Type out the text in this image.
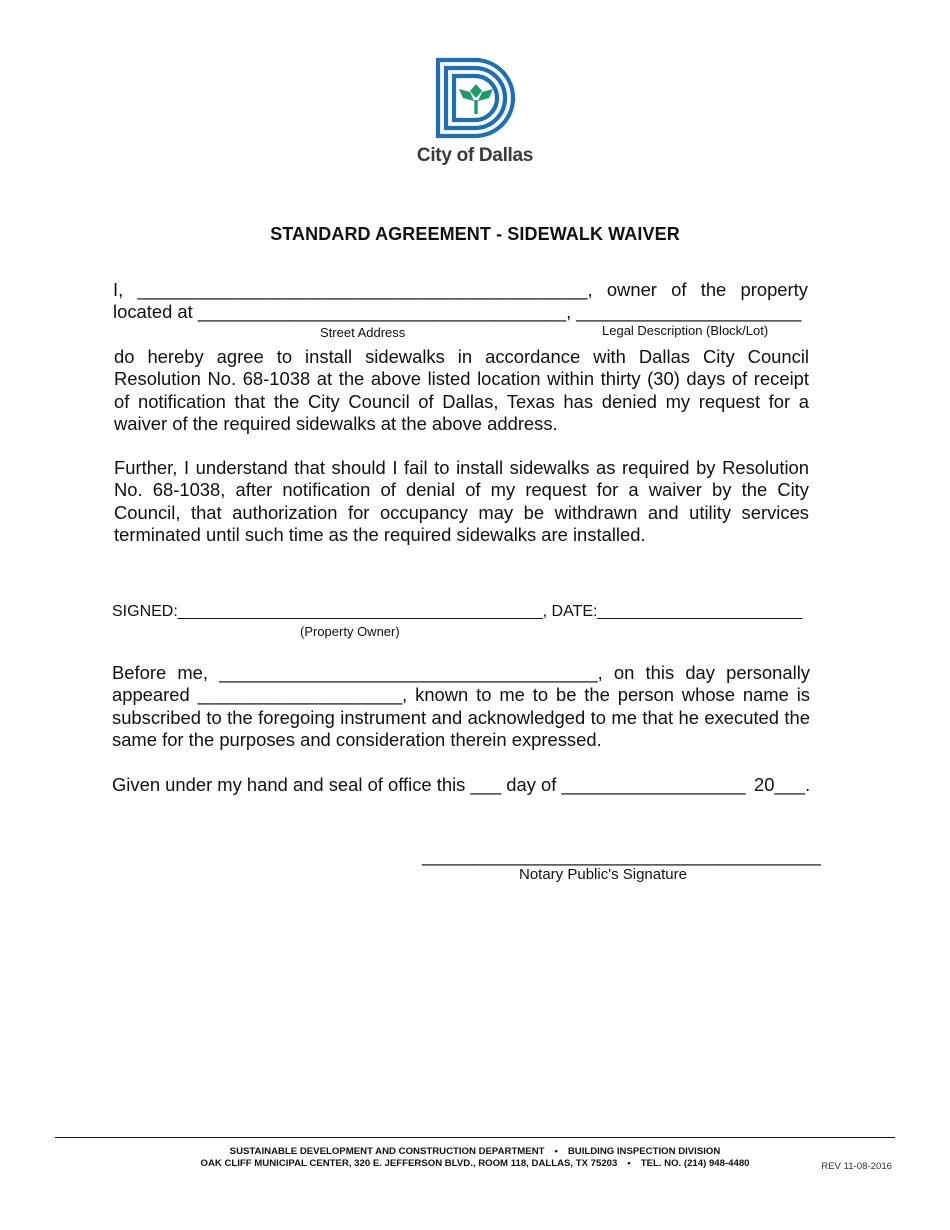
City of Dallas
STANDARD AGREEMENT - SIDEWALK WAIVER
I, ____________________________________________, owner of the property
located at ____________________________________, ______________________
Street Address	Legal Description (Block/Lot)
do hereby agree to install sidewalks in accordance with Dallas City Council Resolution No. 68-1038 at the above listed location within thirty (30) days of receipt of notification that the City Council of Dallas, Texas has denied my request for a waiver of the required sidewalks at the above address.
Further, I understand that should I fail to install sidewalks as required by Resolution No. 68-1038, after notification of denial of my request for a waiver by the City Council, that authorization for occupancy may be withdrawn and utility services terminated until such time as the required sidewalks are installed.
SIGNED:_________________________________________, DATE:_______________________
(Property Owner)
Before me, _____________________________________, on this day personally appeared ____________________, known to me to be the person whose name is subscribed to the foregoing instrument and acknowledged to me that he executed the same for the purposes and consideration therein expressed.
Given under my hand and seal of office this ___ day of __________________ 20___.
_______________________________________
Notary Public's Signature
SUSTAINABLE DEVELOPMENT AND CONSTRUCTION DEPARTMENT • BUILDING INSPECTION DIVISION
OAK CLIFF MUNICIPAL CENTER, 320 E. JEFFERSON BLVD., ROOM 118, DALLAS, TX 75203 • TEL. NO. (214) 948-4480	REV 11-08-2016
